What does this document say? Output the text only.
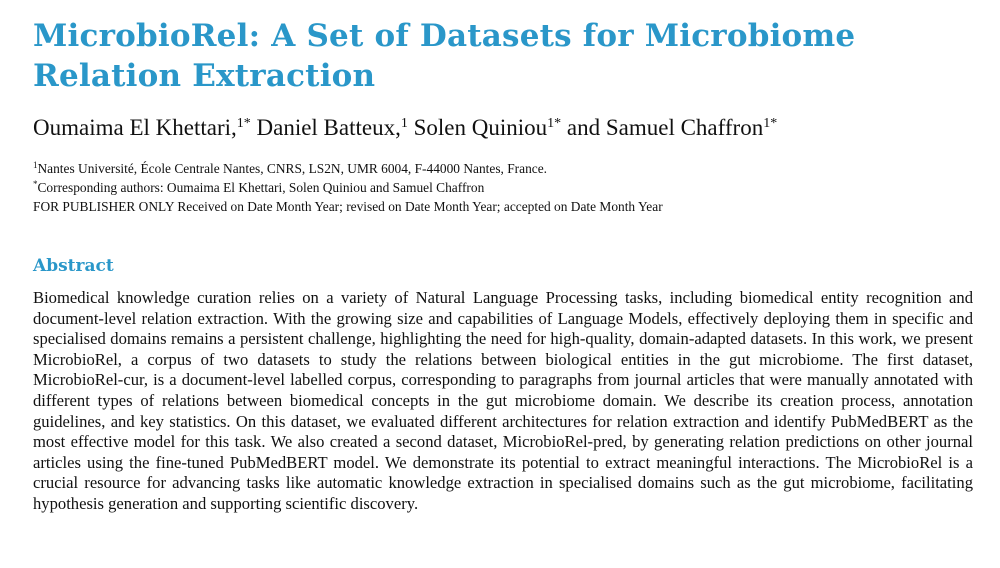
MicrobioRel: A Set of Datasets for Microbiome Relation Extraction
Oumaima El Khettari,$^{1*}$ Daniel Batteux,$^1$ Solen Quiniou$^{1*}$ and Samuel Chaffron$^{1*}$
$^1$Nantes Université, École Centrale Nantes, CNRS, LS2N, UMR 6004, F-44000 Nantes, France.
*Corresponding authors: Oumaima El Khettari, Solen Quiniou and Samuel Chaffron
FOR PUBLISHER ONLY Received on Date Month Year; revised on Date Month Year; accepted on Date Month Year
Abstract

Biomedical knowledge curation relies on a variety of Natural Language Processing tasks, including biomedical entity recognition and document-level relation extraction. With the growing size and capabilities of Language Models, effectively deploying them in specific and specialised domains remains a persistent challenge, highlighting the need for high-quality, domain-adapted datasets. In this work, we present MicrobioRel, a corpus of two datasets to study the relations between biological entities in the gut microbiome. The first dataset, MicrobioRel-cur, is a document-level labelled corpus, corresponding to paragraphs from journal articles that were manually annotated with different types of relations between biomedical concepts in the gut microbiome domain. We describe its creation process, annotation guidelines, and key statistics. On this dataset, we evaluated different architectures for relation extraction and identify PubMedBERT as the most effective model for this task. We also created a second dataset, MicrobioRel-pred, by generating relation predictions on other journal articles using the fine-tuned PubMedBERT model. We demonstrate its potential to extract meaningful interactions. The MicrobioRel is a crucial resource for advancing tasks like automatic knowledge extraction in specialised domains such as the gut microbiome, facilitating hypothesis generation and supporting scientific discovery.
